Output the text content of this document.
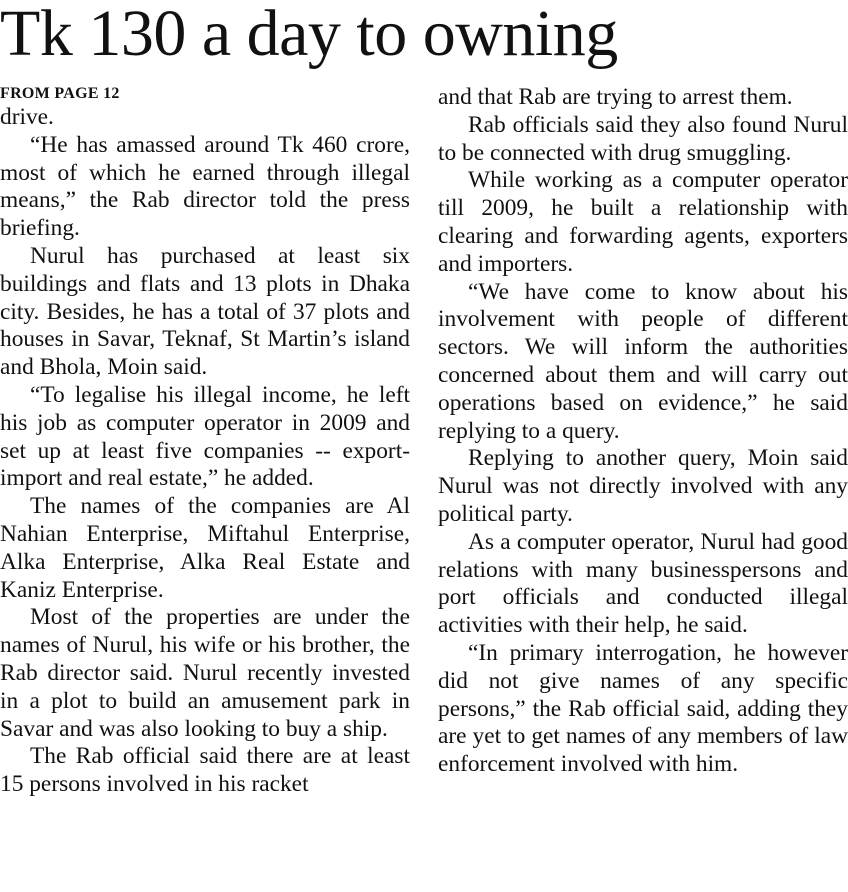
Tk 130 a day to owning
FROM PAGE 12

drive.

“He has amassed around Tk 460 crore, most of which he earned through illegal means,” the Rab director told the press briefing.

Nurul has purchased at least six buildings and flats and 13 plots in Dhaka city. Besides, he has a total of 37 plots and houses in Savar, Teknaf, St Martin’s island and Bhola, Moin said.

“To legalise his illegal income, he left his job as computer operator in 2009 and set up at least five companies -- export-import and real estate,” he added.

The names of the companies are Al Nahian Enterprise, Miftahul Enterprise, Alka Enterprise, Alka Real Estate and Kaniz Enterprise.

Most of the properties are under the names of Nurul, his wife or his brother, the Rab director said. Nurul recently invested in a plot to build an amusement park in Savar and was also looking to buy a ship.

The Rab official said there are at least 15 persons involved in his racket

and that Rab are trying to arrest them.

Rab officials said they also found Nurul to be connected with drug smuggling.

While working as a computer operator till 2009, he built a relationship with clearing and forwarding agents, exporters and importers.

“We have come to know about his involvement with people of different sectors. We will inform the authorities concerned about them and will carry out operations based on evidence,” he said replying to a query.

Replying to another query, Moin said Nurul was not directly involved with any political party.

As a computer operator, Nurul had good relations with many businesspersons and port officials and conducted illegal activities with their help, he said.

“In primary interrogation, he however did not give names of any specific persons,” the Rab official said, adding they are yet to get names of any members of law enforcement involved with him.
